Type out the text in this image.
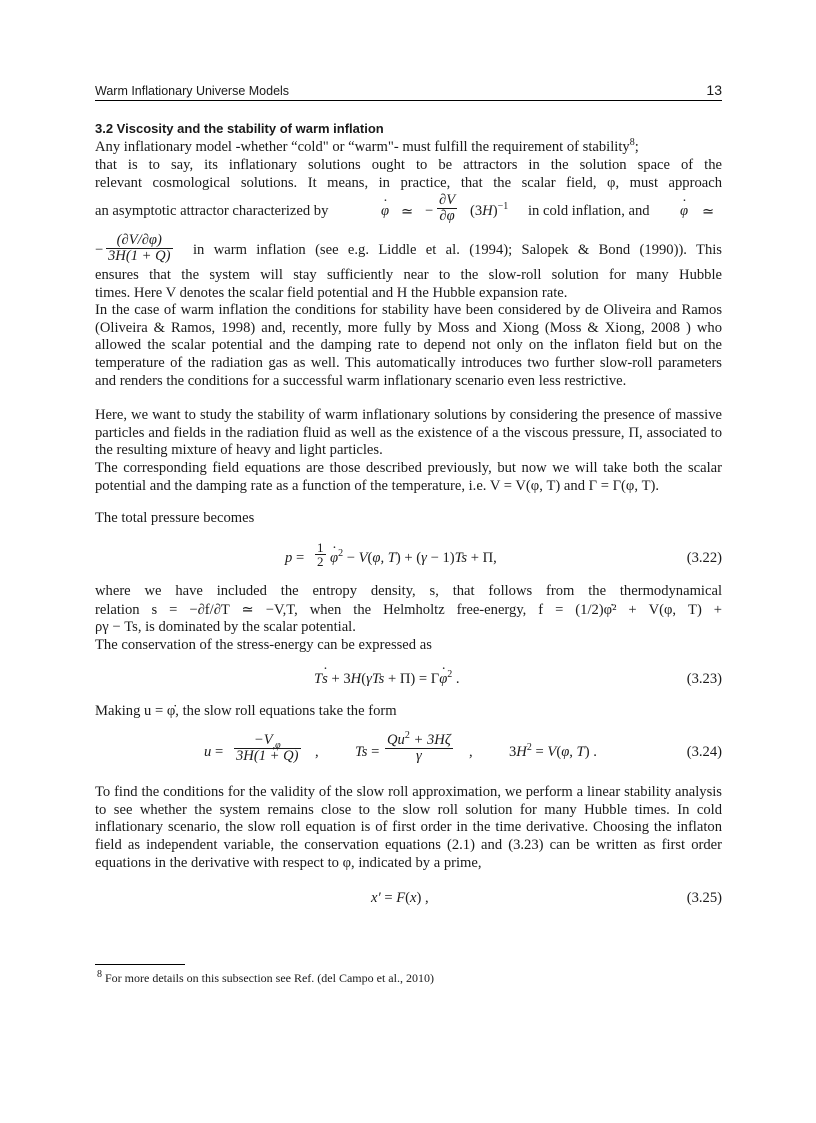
Warm Inflationary Universe Models	13
3.2 Viscosity and the stability of warm inflation
Any inflationary model -whether “cold" or “warm"- must fulfill the requirement of stability$^8$;
that is to say, its inflationary solutions ought to be attractors in the solution space of the
relevant cosmological solutions. It means, in practice, that the scalar field, φ, must approach
an asymptotic attractor characterized by	φ · ≃ − $\frac{\partial V}{\partial\varphi} (3H)^{-1}$ in cold inflation, and φ · ≃
− $\frac{(\partial V/\partial\varphi)}{3H(1 + Q)}$ in warm inflation (see e.g. Liddle et al. (1994); Salopek & Bond (1990)). This
ensures that the system will stay sufficiently near to the slow-roll solution for many Hubble
times. Here V denotes the scalar field potential and H the Hubble expansion rate.
In the case of warm inflation the conditions for stability have been considered by de Oliveira and Ramos (Oliveira & Ramos, 1998) and, recently, more fully by Moss and Xiong (Moss & Xiong, 2008 ) who allowed the scalar potential and the damping rate to depend not only on the inflaton field but on the temperature of the radiation gas as well. This automatically introduces two further slow-roll parameters and renders the conditions for a successful warm inflationary scenario even less restrictive.
Here, we want to study the stability of warm inflationary solutions by considering the presence of massive particles and fields in the radiation fluid as well as the existence of a the viscous pressure, Π, associated to the resulting mixture of heavy and light particles.
The corresponding field equations are those described previously, but now we will take both the scalar potential and the damping rate as a function of the temperature, i.e. V = V(φ, T) and Γ = Γ(φ, T).
The total pressure becomes
$p = \frac{1}{2}$ φ ·$^2$ − V(φ, T) + (γ − 1)Ts + Π,	(3.22)
where we have included the entropy density, s, that follows from the thermodynamical
relation s = −∂f/∂T ≃ −V,T, when the Helmholtz free-energy, f = (1/2)φ̇² + V(φ, T) +
ργ − Ts, is dominated by the scalar potential.
The conservation of the stress-energy can be expressed as
Ts · + 3H(γTs + Π) = Γφ ·$^2$ .	(3.23)
Making u = φ̇, the slow roll equations take the form
$u = \frac{-V_{,\varphi}}{3H(1 + Q)}$ , $Ts = \frac{Qu^2 + 3H\zeta}{\gamma}$ , $3H^2 = V(\varphi$, T) .	(3.24)
To find the conditions for the validity of the slow roll approximation, we perform a linear stability analysis to see whether the system remains close to the slow roll solution for many Hubble times. In cold inflationary scenario, the slow roll equation is of first order in the time derivative. Choosing the inflaton field as independent variable, the conservation equations (2.1) and (3.23) can be written as first order equations in the derivative with respect to φ, indicated by a prime,
x′ = F(x) ,	(3.25)
$^8$ For more details on this subsection see Ref. (del Campo et al., 2010)
